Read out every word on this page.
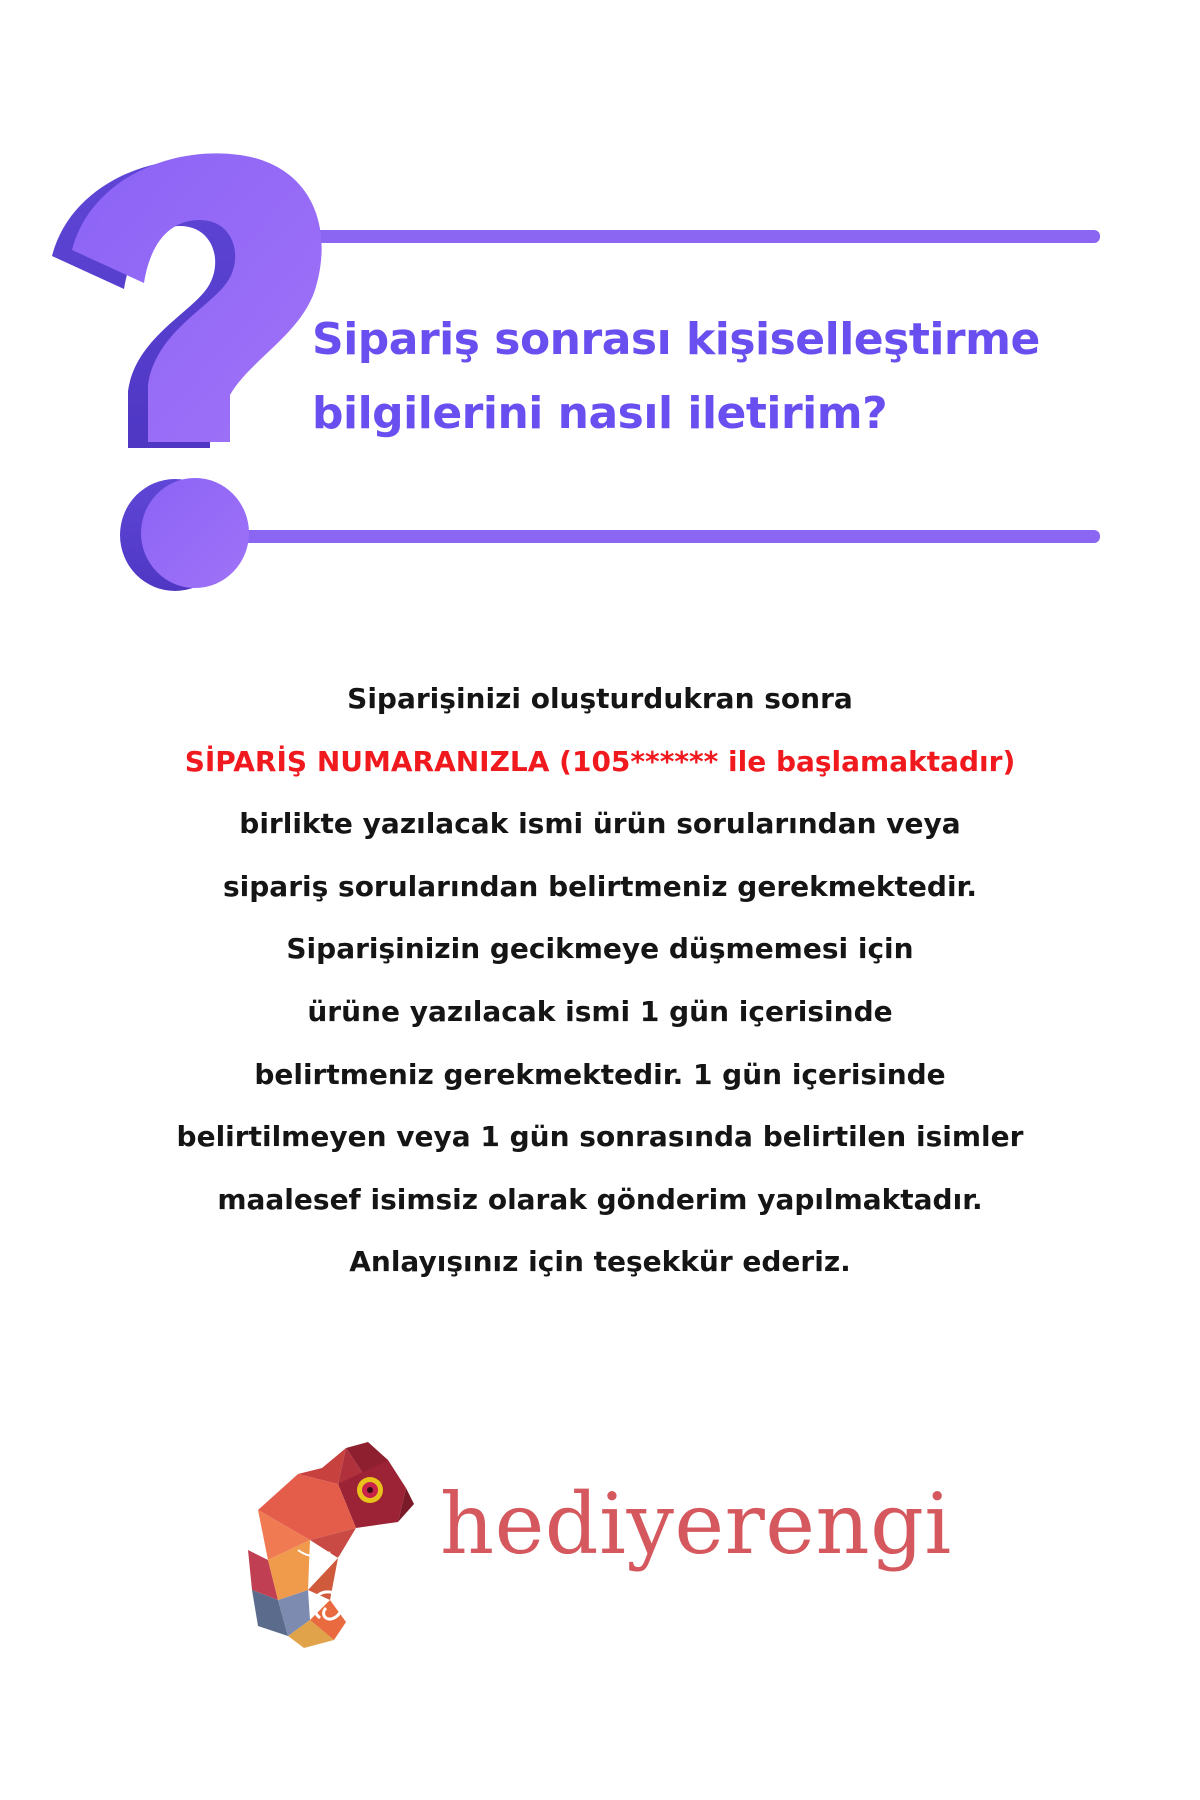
Sipariş sonrası kişiselleştirme
bilgilerini nasıl iletirim?
Siparişinizi oluşturdukran sonra
SİPARİŞ NUMARANIZLA (105****** ile başlamaktadır)
birlikte yazılacak ismi ürün sorularından veya
sipariş sorularından belirtmeniz gerekmektedir.
Siparişinizin gecikmeye düşmemesi için
ürüne yazılacak ismi 1 gün içerisinde
belirtmeniz gerekmektedir. 1 gün içerisinde
belirtilmeyen veya 1 gün sonrasında belirtilen isimler
maalesef isimsiz olarak gönderim yapılmaktadır.
Anlayışınız için teşekkür ederiz.
hediyerengi
